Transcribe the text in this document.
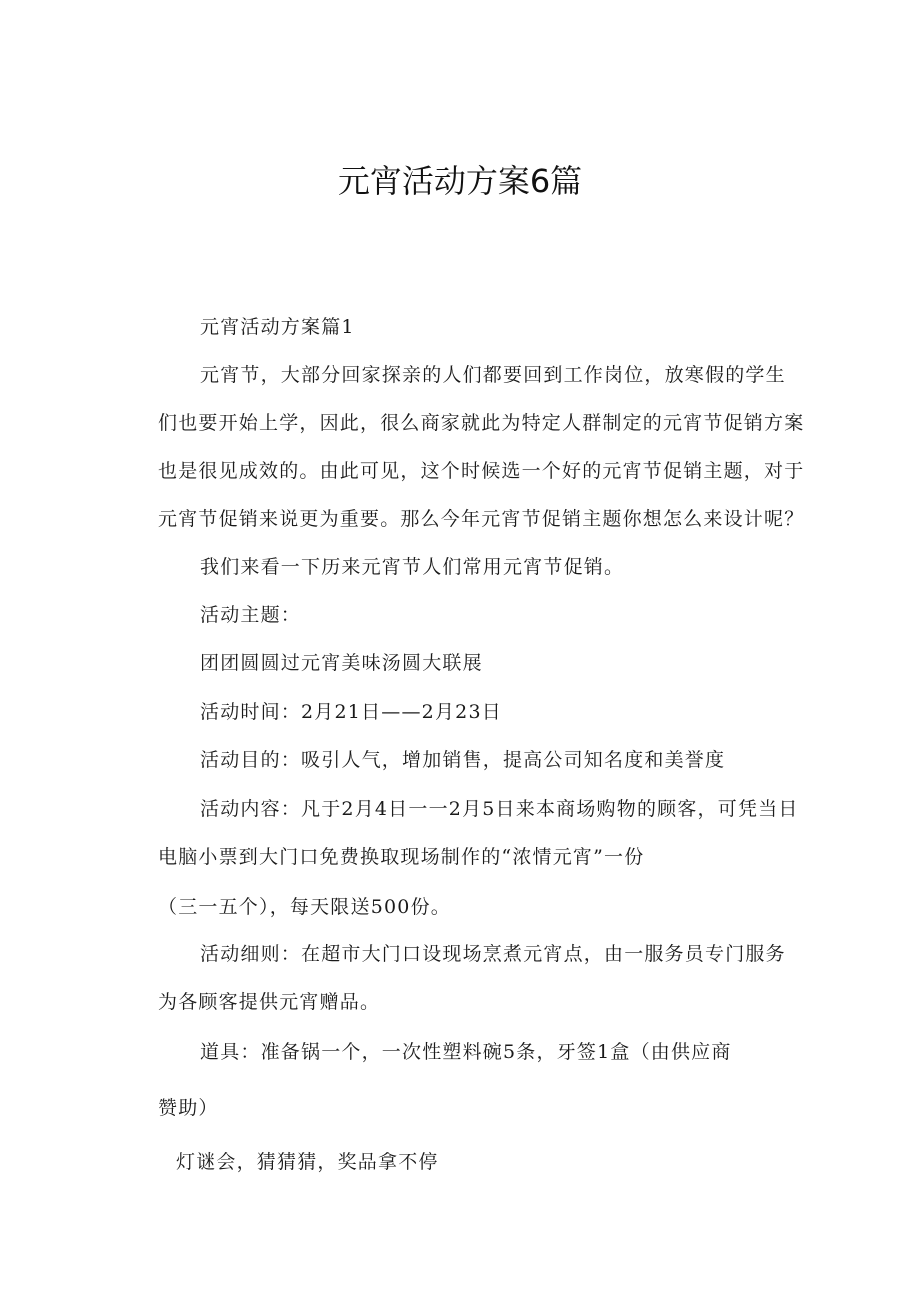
元宵活动方案6篇

元宵活动方案篇1

元宵节，大部分回家探亲的人们都要回到工作岗位，放寒假的学生

们也要开始上学，因此，很么商家就此为特定人群制定的元宵节促销方案

也是很见成效的。由此可见，这个时候选一个好的元宵节促销主题，对于

元宵节促销来说更为重要。那么今年元宵节促销主题你想怎么来设计呢？

我们来看一下历来元宵节人们常用元宵节促销。

活动主题：

团团圆圆过元宵美味汤圆大联展

活动时间：2月21日——2月23日

活动目的：吸引人气，增加销售，提高公司知名度和美誉度

活动内容：凡于2月4日一一2月5日来本商场购物的顾客，可凭当日

电脑小票到大门口免费换取现场制作的“浓情元宵”一份

（三一五个），每天限送500份。

活动细则：在超市大门口设现场烹煮元宵点，由一服务员专门服务

为各顾客提供元宵赠品。

道具：准备锅一个，一次性塑料碗5条，牙签1盒（由供应商

赞助）

灯谜会，猜猜猜，奖品拿不停
